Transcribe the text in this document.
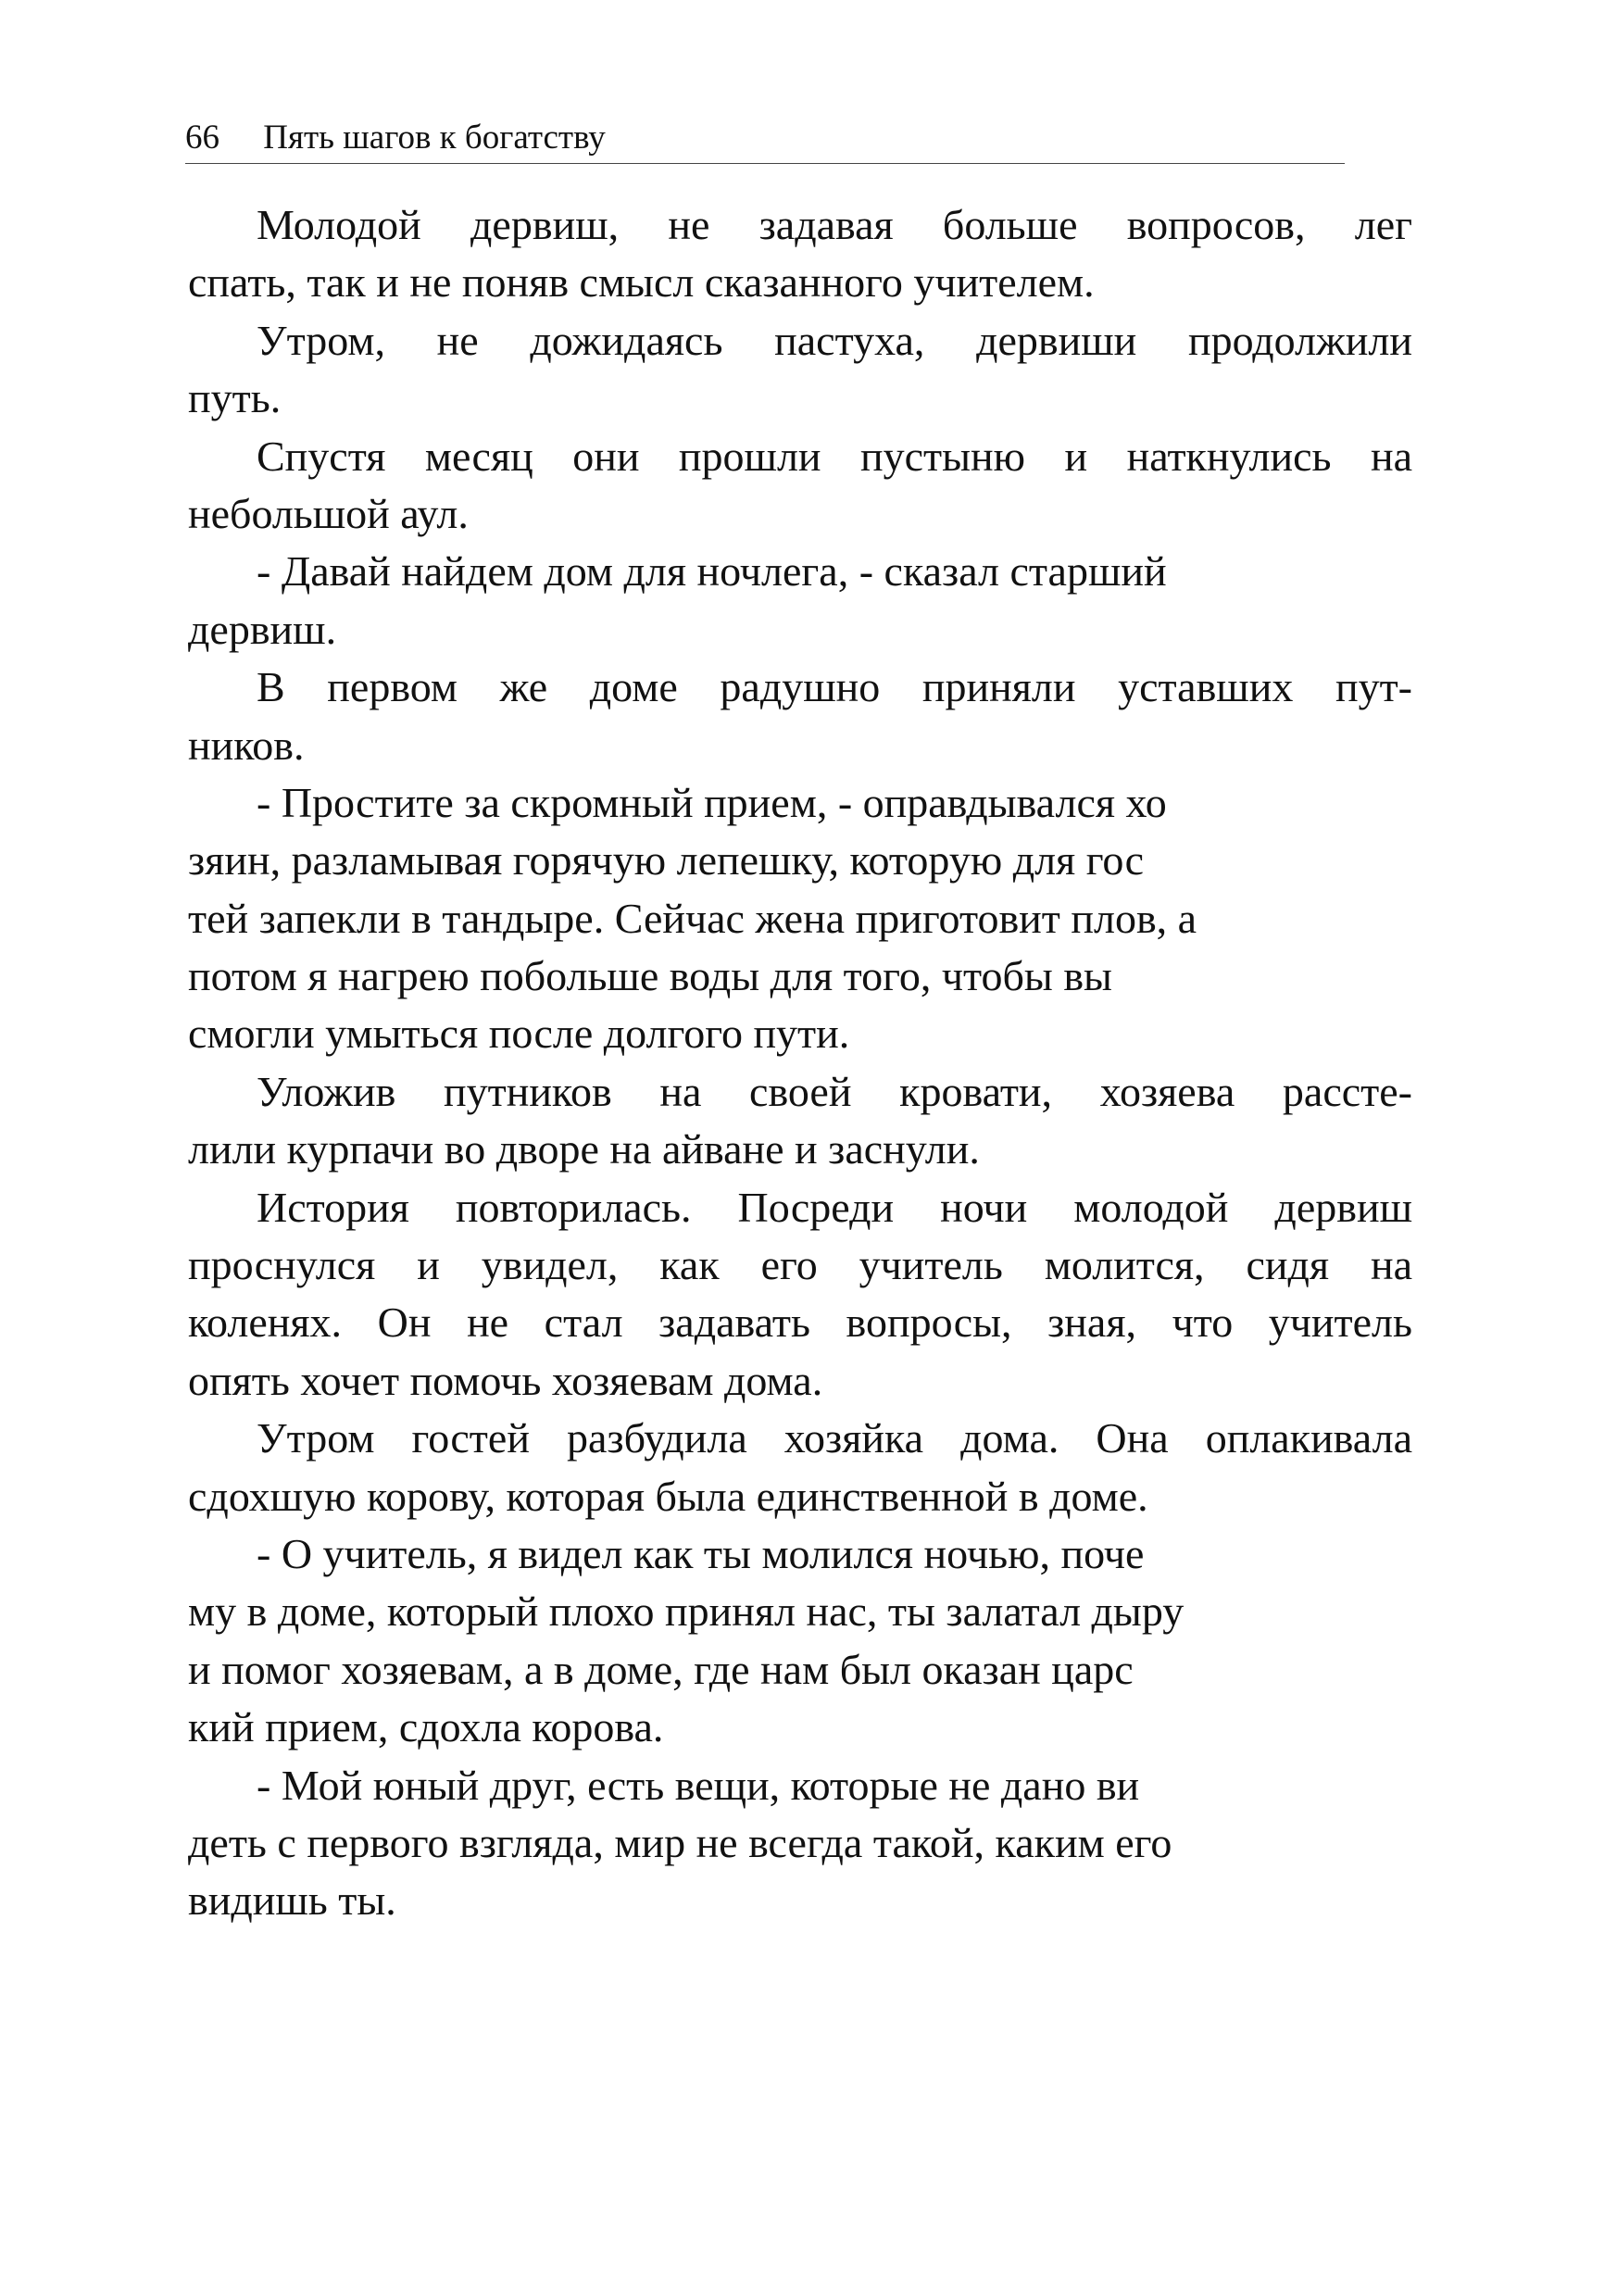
66 Пять шагов к богатству
Молодой дервиш, не задавая больше вопросов, лег
спать, так и не поняв смысл сказанного учителем.
Утром, не дожидаясь пастуха, дервиши продолжили
путь.
Спустя месяц они прошли пустыню и наткнулись на
небольшой аул.
- Давай найдем дом для ночлега, - сказал старший
дервиш.
В первом же доме радушно приняли уставших пут-
ников.
- Простите за скромный прием, - оправдывался хо
зяин, разламывая горячую лепешку, которую для гос
тей запекли в тандыре. Сейчас жена приготовит плов, а
потом я нагрею побольше воды для того, чтобы вы
смогли умыться после долгого пути.
Уложив путников на своей кровати, хозяева рассте-
лили курпачи во дворе на айване и заснули.
История повторилась. Посреди ночи молодой дервиш
проснулся и увидел, как его учитель молится, сидя на
коленях. Он не стал задавать вопросы, зная, что учитель
опять хочет помочь хозяевам дома.
Утром гостей разбудила хозяйка дома. Она оплакивала
сдохшую корову, которая была единственной в доме.
- О учитель, я видел как ты молился ночью, поче
му в доме, который плохо принял нас, ты залатал дыру
и помог хозяевам, а в доме, где нам был оказан царс
кий прием, сдохла корова.
- Мой юный друг, есть вещи, которые не дано ви
деть с первого взгляда, мир не всегда такой, каким его
видишь ты.
